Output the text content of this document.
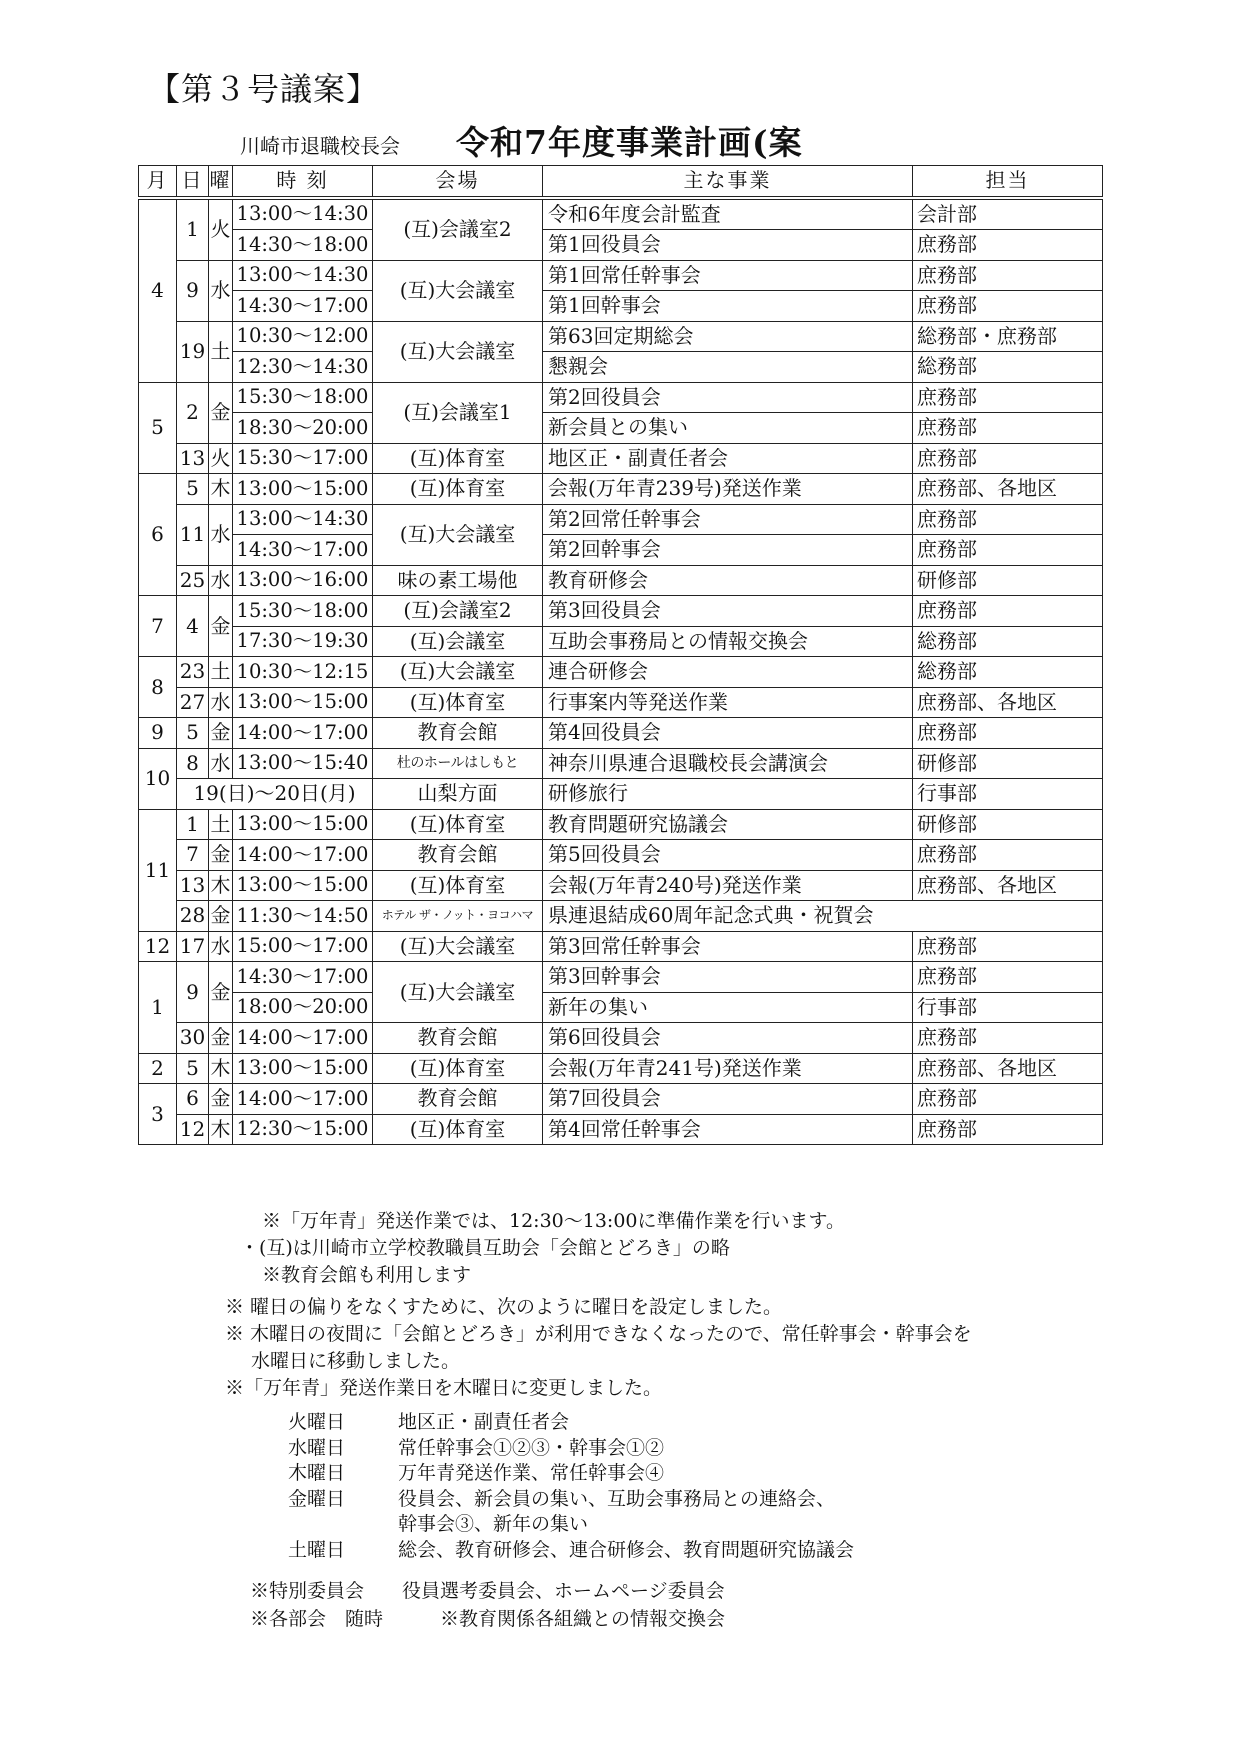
【第３号議案】
川崎市退職校長会 令和7年度事業計画(案
月	日	曜	時 刻	会場	主な事業	担当
4	1	火	13:00～14:30	(互)会議室2	令和6年度会計監査	会計部
			14:30～18:00		第1回役員会	庶務部
	9	水	13:00～14:30	(互)大会議室	第1回常任幹事会	庶務部
			14:30～17:00		第1回幹事会	庶務部
	19	土	10:30～12:00	(互)大会議室	第63回定期総会	総務部・庶務部
			12:30～14:30		懇親会	総務部
5	2	金	15:30～18:00	(互)会議室1	第2回役員会	庶務部
			18:30～20:00		新会員との集い	庶務部
	13	火	15:30～17:00	(互)体育室	地区正・副責任者会	庶務部
6	5	木	13:00～15:00	(互)体育室	会報(万年青239号)発送作業	庶務部、各地区
	11	水	13:00～14:30	(互)大会議室	第2回常任幹事会	庶務部
			14:30～17:00		第2回幹事会	庶務部
	25	水	13:00～16:00	味の素工場他	教育研修会	研修部
7	4	金	15:30～18:00	(互)会議室2	第3回役員会	庶務部
			17:30～19:30	(互)会議室	互助会事務局との情報交換会	総務部
8	23	土	10:30～12:15	(互)大会議室	連合研修会	総務部
	27	水	13:00～15:00	(互)体育室	行事案内等発送作業	庶務部、各地区
9	5	金	14:00～17:00	教育会館	第4回役員会	庶務部
10	8	水	13:00～15:40	杜のホールはしもと	神奈川県連合退職校長会講演会	研修部
	19(日)～20日(月)			山梨方面	研修旅行	行事部
11	1	土	13:00～15:00	(互)体育室	教育問題研究協議会	研修部
	7	金	14:00～17:00	教育会館	第5回役員会	庶務部
	13	木	13:00～15:00	(互)体育室	会報(万年青240号)発送作業	庶務部、各地区
	28	金	11:30～14:50	ホテル ザ・ノット・ヨコハマ	県連退結成60周年記念式典・祝賀会	
12	17	水	15:00～17:00	(互)大会議室	第3回常任幹事会	庶務部
1	9	金	14:30～17:00	(互)大会議室	第3回幹事会	庶務部
			18:00～20:00		新年の集い	行事部
	30	金	14:00～17:00	教育会館	第6回役員会	庶務部
2	5	木	13:00～15:00	(互)体育室	会報(万年青241号)発送作業	庶務部、各地区
3	6	金	14:00～17:00	教育会館	第7回役員会	庶務部
	12	木	12:30～15:00	(互)体育室	第4回常任幹事会	庶務部
※「万年青」発送作業では、12:30～13:00に準備作業を行います。
・(互)は川崎市立学校教職員互助会「会館とどろき」の略
※教育会館も利用します
※ 曜日の偏りをなくすために、次のように曜日を設定しました。
※ 木曜日の夜間に「会館とどろき」が利用できなくなったので、常任幹事会・幹事会を
水曜日に移動しました。
※「万年青」発送作業日を木曜日に変更しました。
火曜日	地区正・副責任者会
水曜日	常任幹事会①②③・幹事会①②
木曜日	万年青発送作業、常任幹事会④
金曜日	役員会、新会員の集い、互助会事務局との連絡会、
	幹事会③、新年の集い
土曜日	総会、教育研修会、連合研修会、教育問題研究協議会
※特別委員会　　役員選考委員会、ホームページ委員会
※各部会　随時　　　※教育関係各組織との情報交換会
